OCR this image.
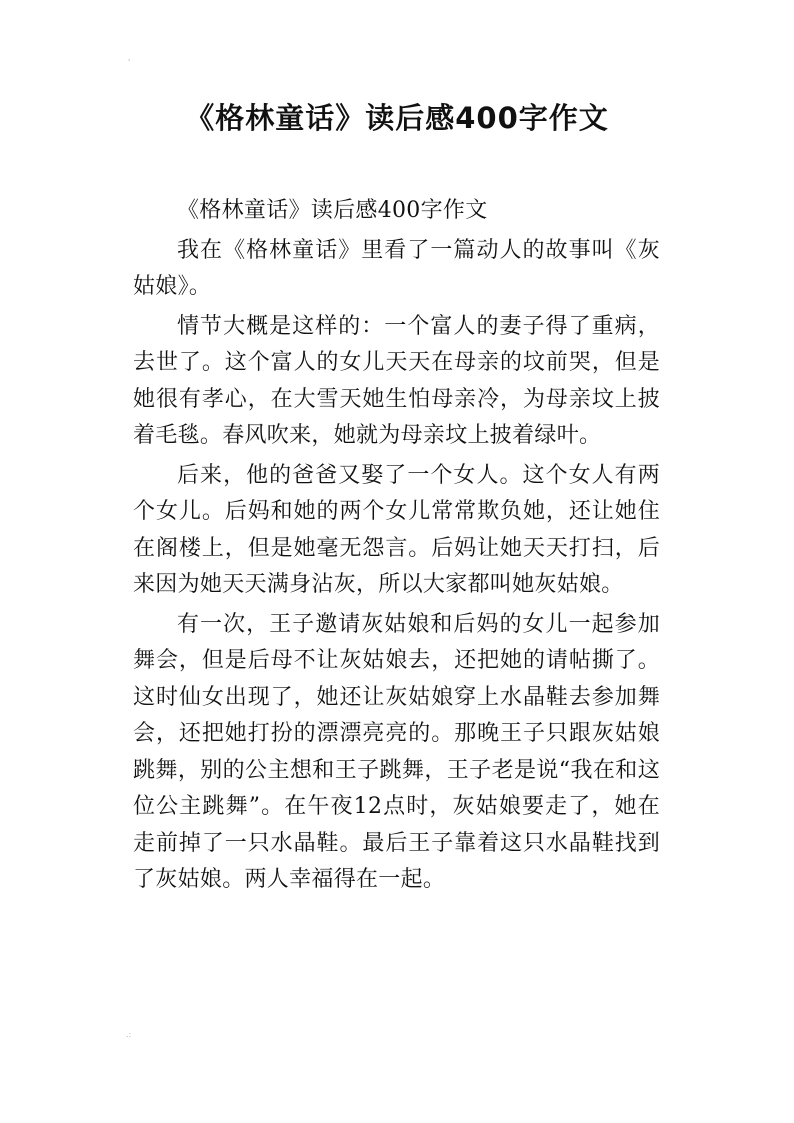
'
《格林童话》读后感400字作文

《格林童话》读后感400字作文

我在《格林童话》里看了一篇动人的故事叫《灰姑娘》。

情节大概是这样的：一个富人的妻子得了重病，去世了。这个富人的女儿天天在母亲的坟前哭，但是她很有孝心，在大雪天她生怕母亲冷，为母亲坟上披着毛毯。春风吹来，她就为母亲坟上披着绿叶。

后来，他的爸爸又娶了一个女人。这个女人有两个女儿。后妈和她的两个女儿常常欺负她，还让她住在阁楼上，但是她毫无怨言。后妈让她天天打扫，后来因为她天天满身沾灰，所以大家都叫她灰姑娘。

有一次，王子邀请灰姑娘和后妈的女儿一起参加舞会，但是后母不让灰姑娘去，还把她的请帖撕了。这时仙女出现了，她还让灰姑娘穿上水晶鞋去参加舞会，还把她打扮的漂漂亮亮的。那晚王子只跟灰姑娘跳舞，别的公主想和王子跳舞，王子老是说“我在和这位公主跳舞”。在午夜12点时，灰姑娘要走了，她在走前掉了一只水晶鞋。最后王子靠着这只水晶鞋找到了灰姑娘。两人幸福得在一起。

.:
